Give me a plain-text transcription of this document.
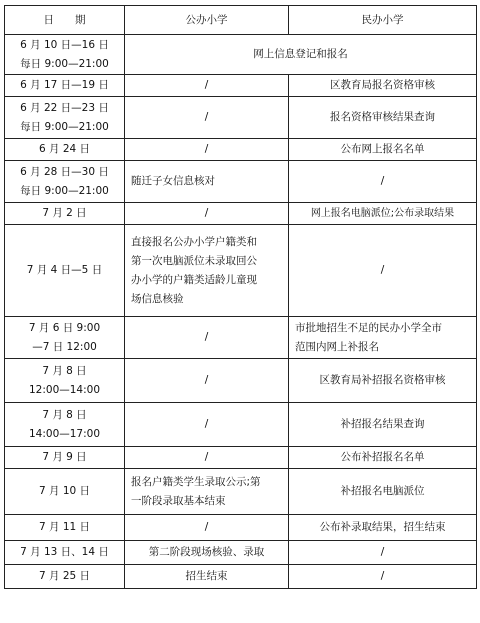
日　　期	公办小学	民办小学

6 月 10 日—16 日
每日 9:00—21:00	网上信息登记和报名	

6 月 17 日—19 日	/	区教育局报名资格审核

6 月 22 日—23 日
每日 9:00—21:00	/	报名资格审核结果查询

6 月 24 日	/	公布网上报名名单

6 月 28 日—30 日
每日 9:00—21:00	随迁子女信息核对	/

7 月 2 日	/	网上报名电脑派位;公布录取结果

7 月 4 日—5 日	直接报名公办小学户籍类和
第一次电脑派位未录取回公
办小学的户籍类适龄儿童现
场信息核验	/

7 月 6 日 9:00
—7 日 12:00	/	市批地招生不足的民办小学全市
范围内网上补报名

7 月 8 日
12:00—14:00	/	区教育局补招报名资格审核

7 月 8 日
14:00—17:00	/	补招报名结果查询

7 月 9 日	/	公布补招报名名单

7 月 10 日	报名户籍类学生录取公示;第
一阶段录取基本结束	补招报名电脑派位

7 月 11 日	/	公布补录取结果，招生结束

7 月 13 日、14 日	第二阶段现场核验、录取	/

7 月 25 日	招生结束	/
